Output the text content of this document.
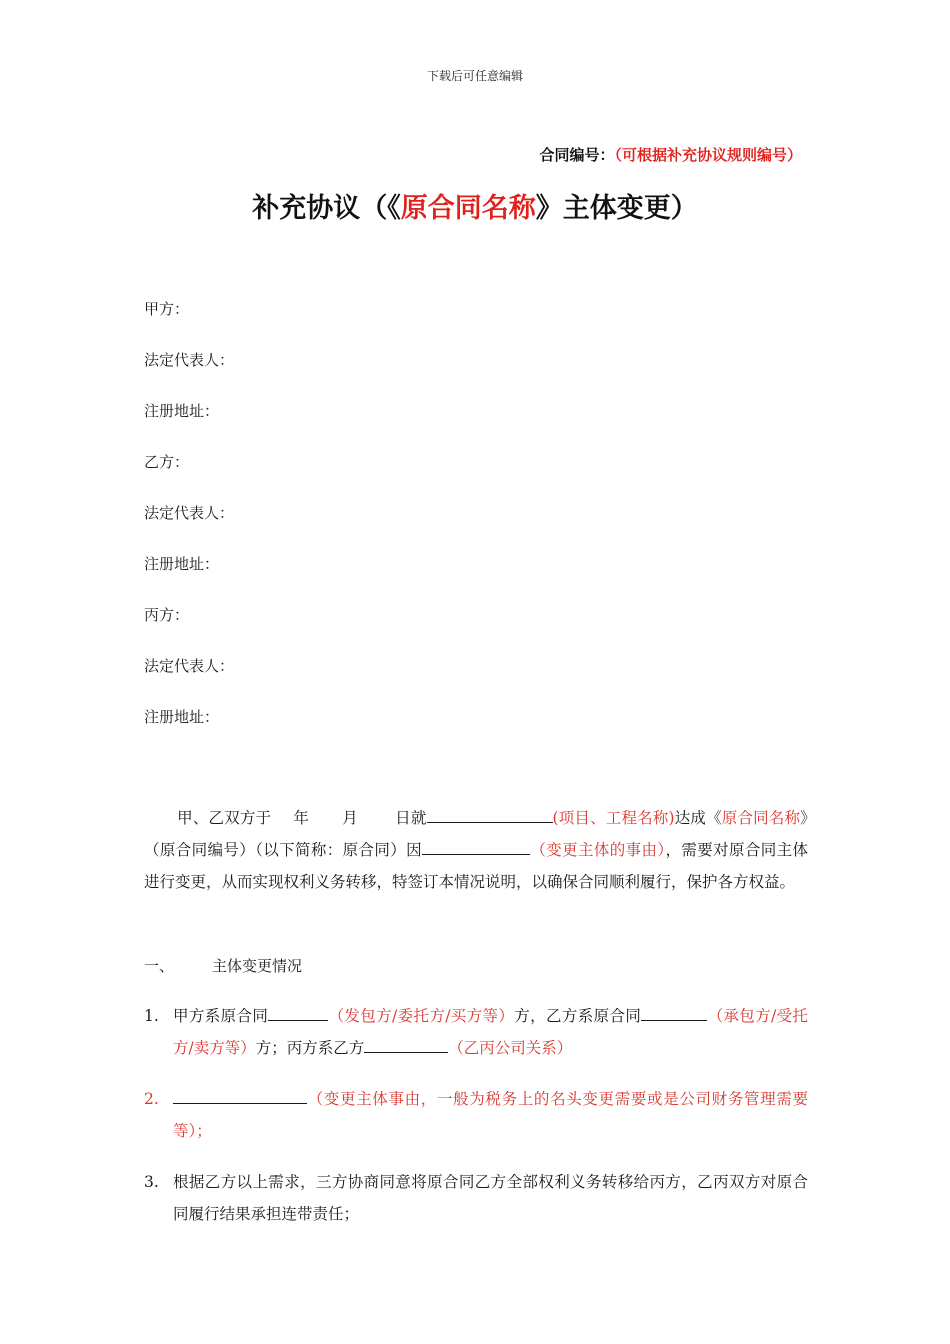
下载后可任意编辑
合同编号：（可根据补充协议规则编号）
补充协议（《原合同名称》主体变更）
甲方：
法定代表人：
注册地址：
乙方：
法定代表人：
注册地址：
丙方：
法定代表人：
注册地址：
甲、乙双方于 年 月 日就	(项目、工程名称)达成《原合同名称》（原合同编号）（以下简称：原合同）因	（变更主体的事由），需要对原合同主体进行变更，从而实现权利义务转移，特签订本情况说明，以确保合同顺利履行，保护各方权益。
一、	主体变更情况
1. 甲方系原合同	（发包方/委托方/买方等）方，乙方系原合同	（承包方/受托方/卖方等）方；丙方系乙方	（乙丙公司关系）
2.	（变更主体事由，一般为税务上的名头变更需要或是公司财务管理需要等）；
3. 根据乙方以上需求，三方协商同意将原合同乙方全部权利义务转移给丙方，乙丙双方对原合同履行结果承担连带责任；
